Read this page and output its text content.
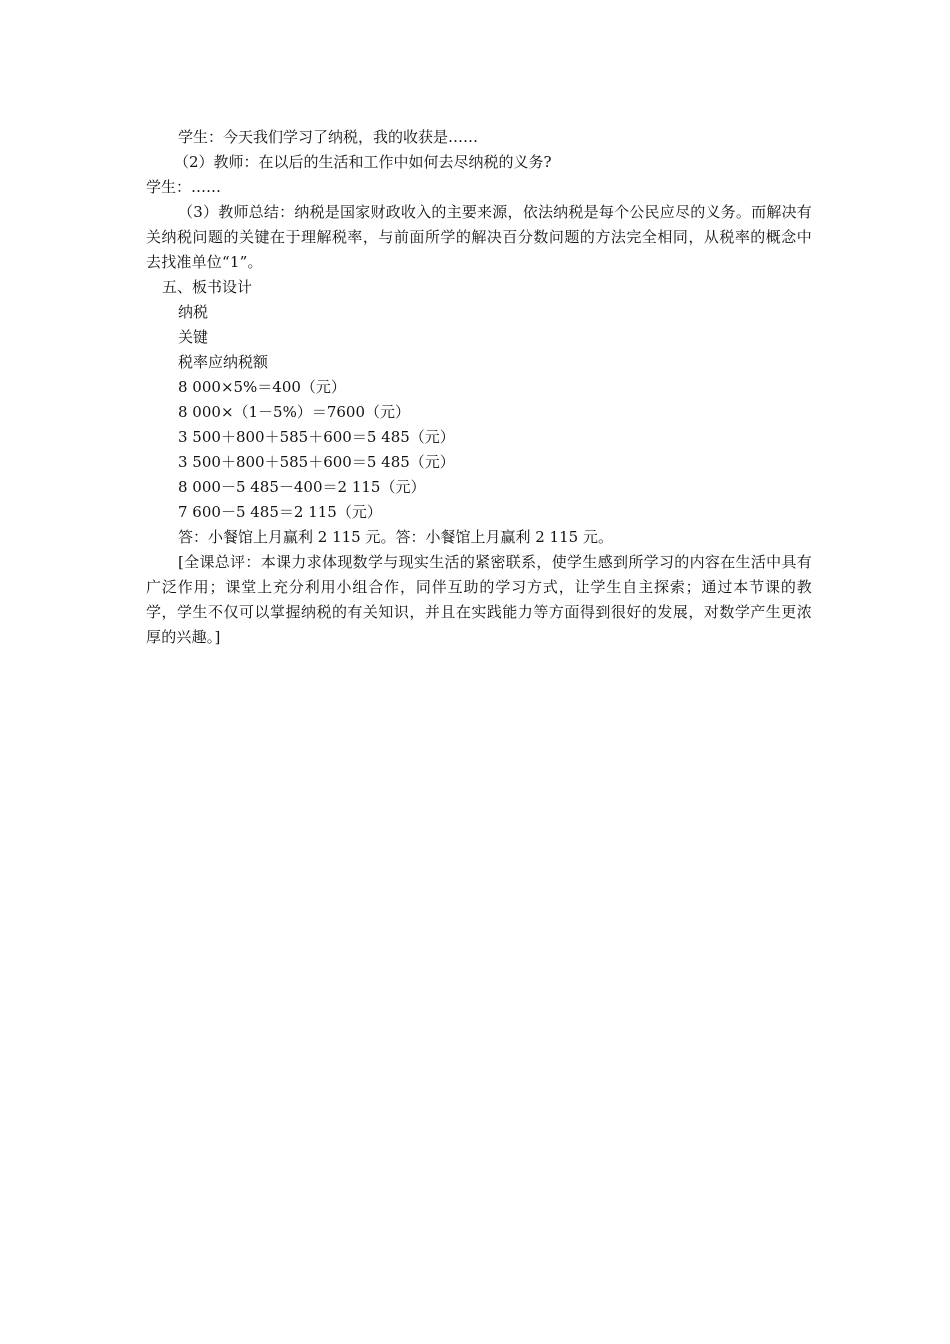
学生：今天我们学习了纳税，我的收获是……
（2）教师：在以后的生活和工作中如何去尽纳税的义务?
学生：……
（3）教师总结：纳税是国家财政收入的主要来源，依法纳税是每个公民应尽的义务。而解决有关纳税问题的关键在于理解税率，与前面所学的解决百分数问题的方法完全相同，从税率的概念中去找准单位“1”。
五、板书设计
纳税
关键
税率应纳税额
8 000×5%＝400（元）
8 000×（1－5%）＝7600（元）
3 500＋800＋585＋600＝5 485（元）
3 500＋800＋585＋600＝5 485（元）
8 000－5 485－400＝2 115（元）
7 600－5 485＝2 115（元）
答：小餐馆上月赢利 2 115 元。答：小餐馆上月赢利 2 115 元。
[全课总评：本课力求体现数学与现实生活的紧密联系，使学生感到所学习的内容在生活中具有广泛作用；课堂上充分利用小组合作，同伴互助的学习方式，让学生自主探索；通过本节课的教学，学生不仅可以掌握纳税的有关知识，并且在实践能力等方面得到很好的发展，对数学产生更浓厚的兴趣。]
